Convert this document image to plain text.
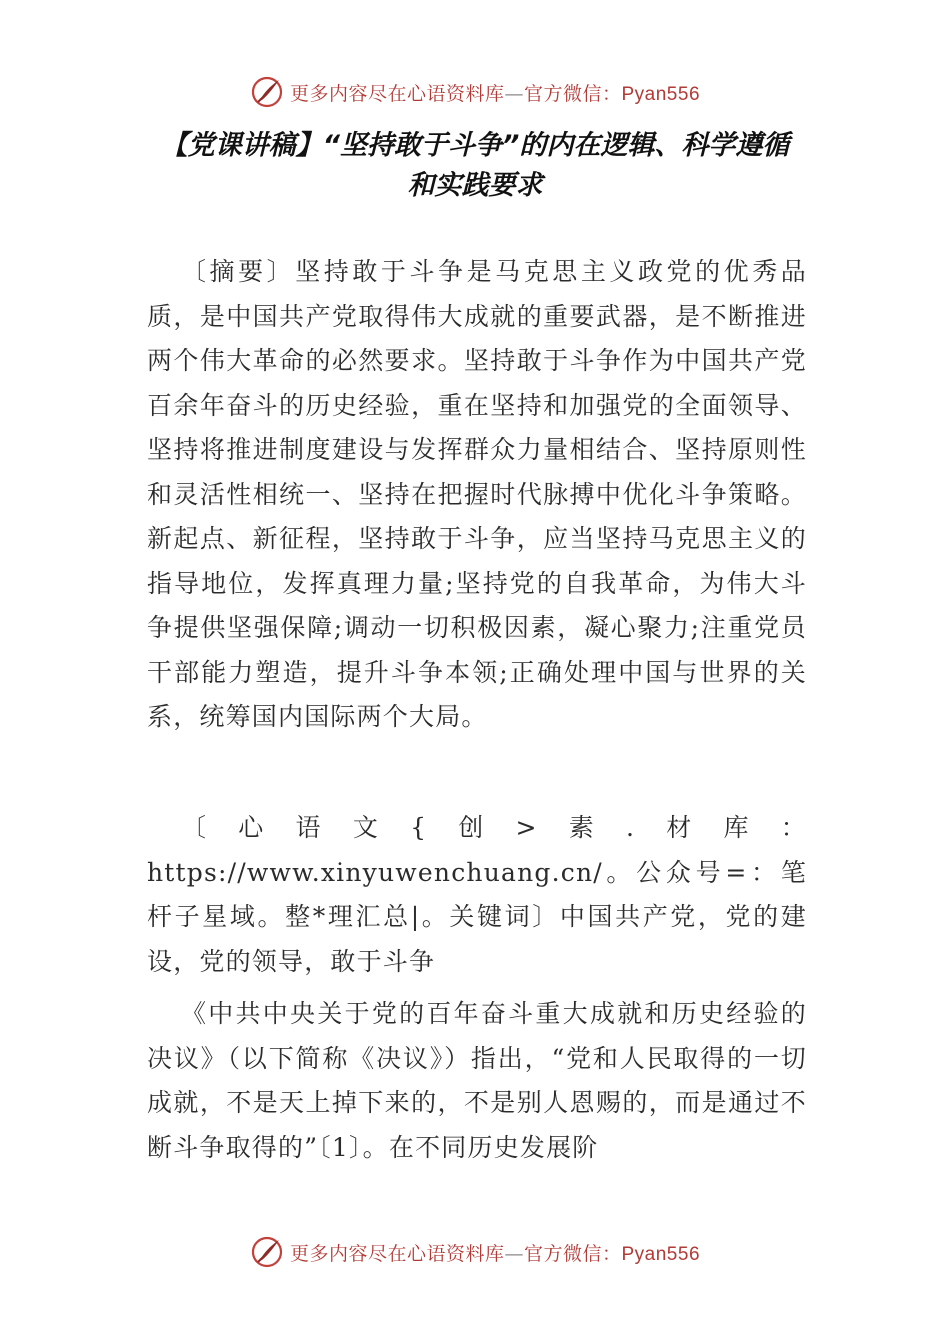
更多内容尽在心语资料库—官方微信：Pyan556
【党课讲稿】“坚持敢于斗争”的内在逻辑、科学遵循
和实践要求
〔摘要〕坚持敢于斗争是马克思主义政党的优秀品质，是中国共产党取得伟大成就的重要武器，是不断推进两个伟大革命的必然要求。坚持敢于斗争作为中国共产党百余年奋斗的历史经验，重在坚持和加强党的全面领导、坚持将推进制度建设与发挥群众力量相结合、坚持原则性和灵活性相统一、坚持在把握时代脉搏中优化斗争策略。新起点、新征程，坚持敢于斗争，应当坚持马克思主义的指导地位，发挥真理力量;坚持党的自我革命，为伟大斗争提供坚强保障;调动一切积极因素，凝心聚力;注重党员干部能力塑造，提升斗争本领;正确处理中国与世界的关系，统筹国内国际两个大局。
〔心语文{创>素.材库：https://www.xinyuwenchuang.cn/。公众号=：笔杆子星域。整*理汇总|。关键词〕中国共产党，党的建设，党的领导，敢于斗争
《中共中央关于党的百年奋斗重大成就和历史经验的决议》（以下简称《决议》）指出，“党和人民取得的一切成就，不是天上掉下来的，不是别人恩赐的，而是通过不断斗争取得的”〔1〕。在不同历史发展阶
更多内容尽在心语资料库—官方微信：Pyan556
